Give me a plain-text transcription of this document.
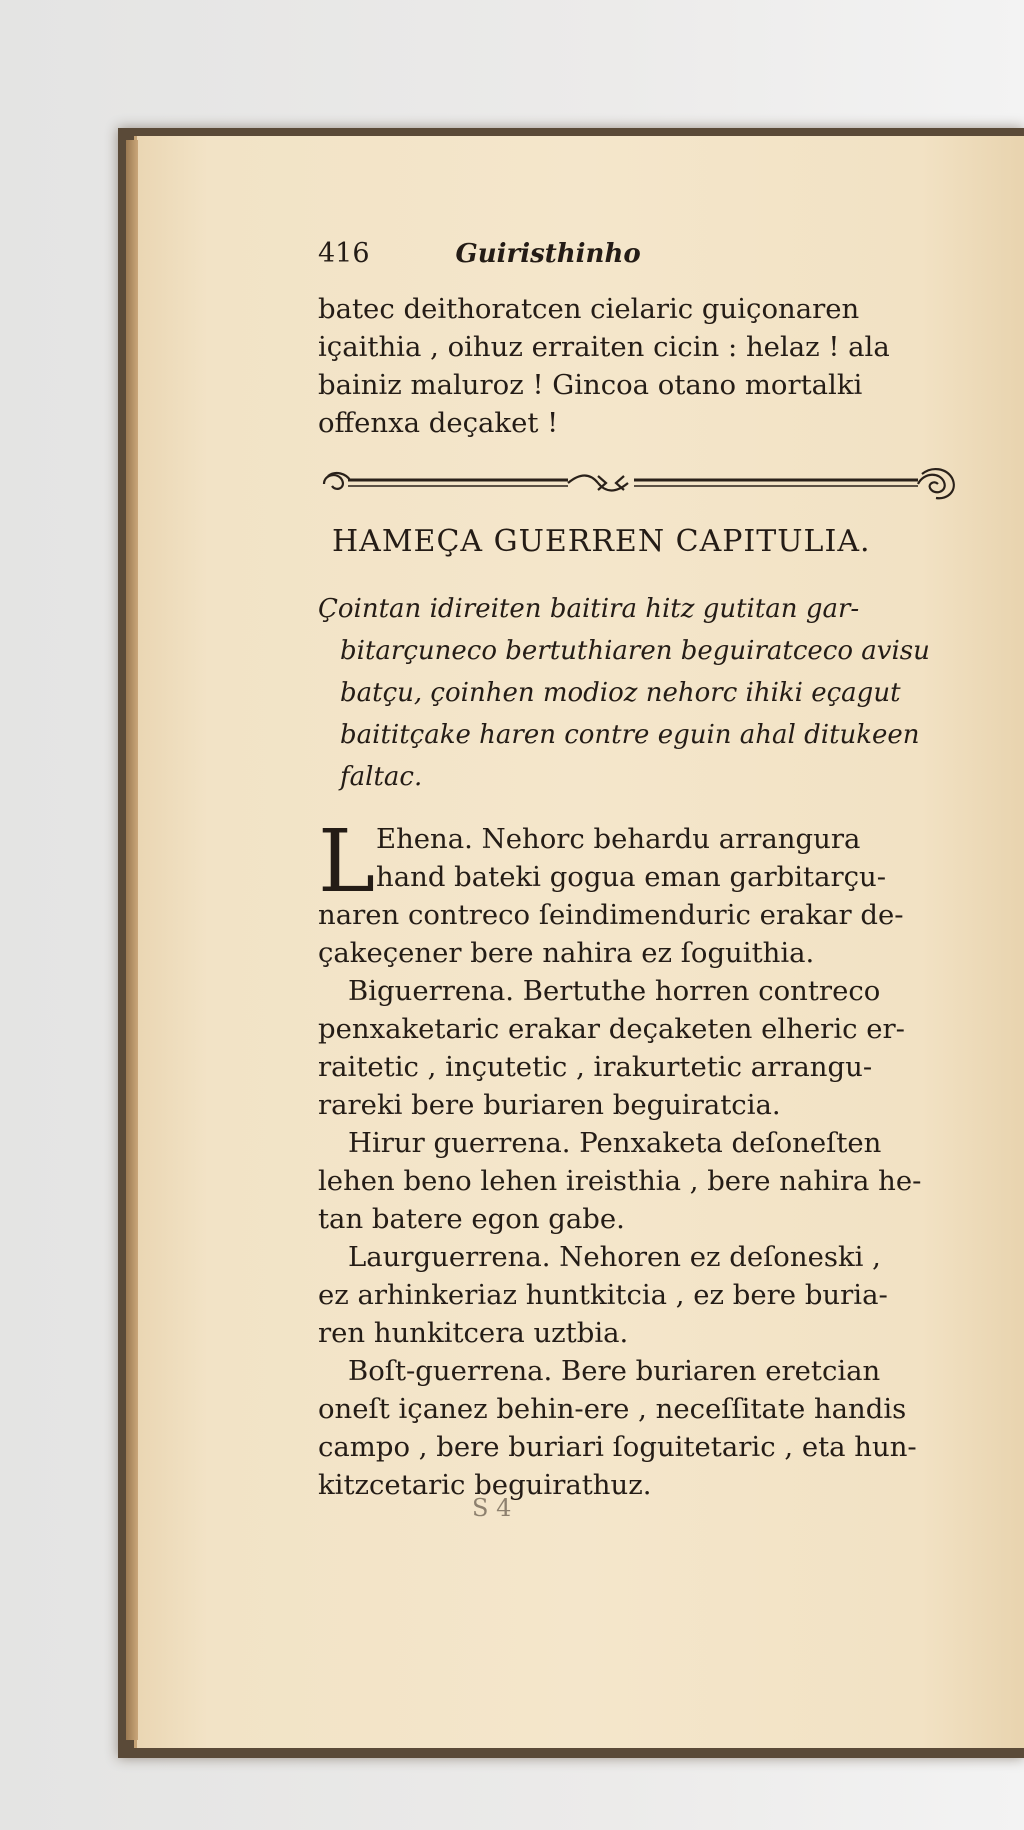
416	Guiristhinho
batec deithoratcen cielaric guiçonaren
içaithia , oihuz erraiten cicin : helaz ! ala
bainiz maluroz ! Gincoa otano mortalki
offenxa deçaket !
HAMEÇA GUERREN CAPITULIA.
Çointan idireiten baitira hitz gutitan gar-
bitarçuneco bertuthiaren beguiratceco avisu
batçu, çoinhen modioz nehorc ihiki eçagut
baititçake haren contre eguin ahal ditukeen
faltac.
L Ehena. Nehorc behardu arrangura
hand bateki goguа eman garbitarçu-
naren contreco ſeindimenduric erakar de-
çakeçener bere nahira ez ſoguithia.
Biguerrena. Bertuthe horren contreco
penxaketaric erakar deçaketen elheric er-
raitetic , inçutetic , irakurtetic arrangu-
rareki bere buriaren beguiratcia.
Hirur guerrena. Penxaketa deſoneſten
lehen beno lehen ireisthia , bere nahira he-
tan batere egon gabe.
Laurguerrena. Nehoren ez deſoneski ,
ez arhinkeriaz huntkitcia , ez bere buria-
ren hunkitcera uztbia.
Boſt-guerrena. Bere buriaren eretcian
oneſt içanez behin-ere , neceſſitate handis
campo , bere buriari ſoguitetaric , eta hun-
kitzcetaric beguirathuz.
S 4
